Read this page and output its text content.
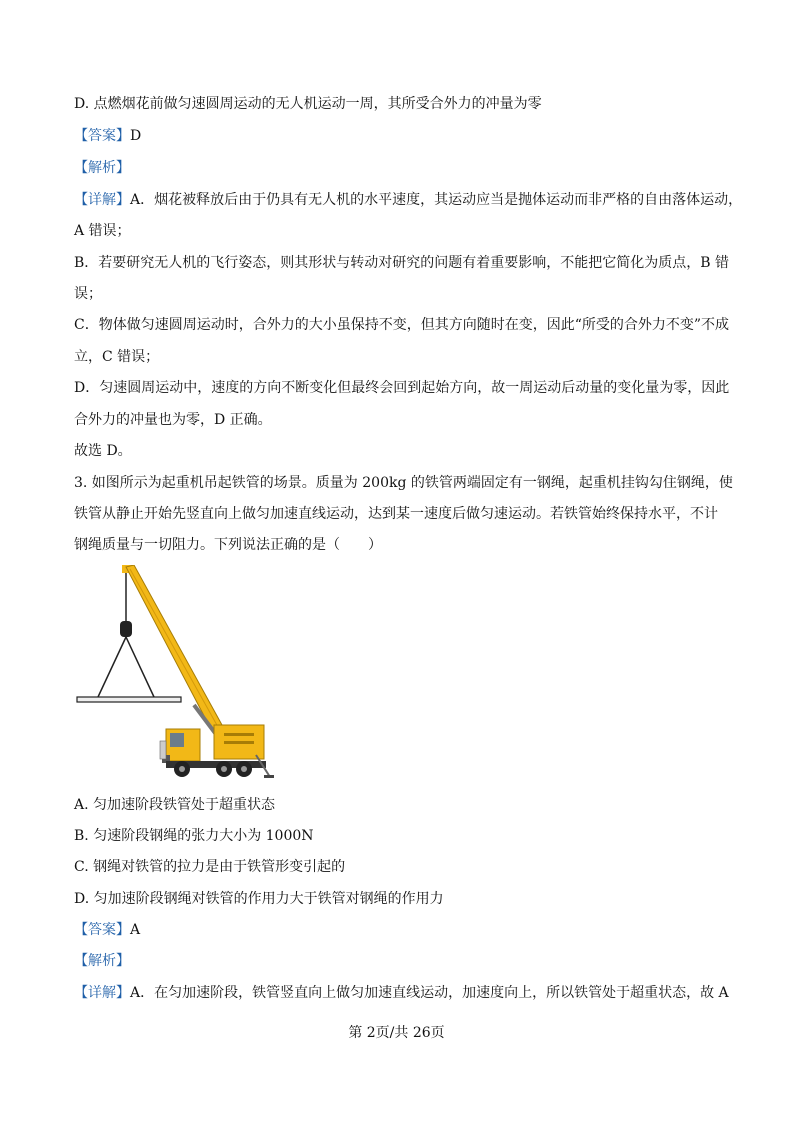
D. 点燃烟花前做匀速圆周运动的无人机运动一周，其所受合外力的冲量为零
【答案】D
【解析】
【详解】A．烟花被释放后由于仍具有无人机的水平速度，其运动应当是抛体运动而非严格的自由落体运动，
A 错误；
B．若要研究无人机的飞行姿态，则其形状与转动对研究的问题有着重要影响，不能把它简化为质点，B 错
误；
C．物体做匀速圆周运动时，合外力的大小虽保持不变，但其方向随时在变，因此“所受的合外力不变”不成
立，C 错误；
D．匀速圆周运动中，速度的方向不断变化但最终会回到起始方向，故一周运动后动量的变化量为零，因此
合外力的冲量也为零，D 正确。
故选 D。
3. 如图所示为起重机吊起铁管的场景。质量为 200kg 的铁管两端固定有一钢绳，起重机挂钩勾住钢绳，使
铁管从静止开始先竖直向上做匀加速直线运动，达到某一速度后做匀速运动。若铁管始终保持水平，不计
钢绳质量与一切阻力。下列说法正确的是（　　）
A. 匀加速阶段铁管处于超重状态
B. 匀速阶段钢绳的张力大小为 1000N
C. 钢绳对铁管的拉力是由于铁管形变引起的
D. 匀加速阶段钢绳对铁管的作用力大于铁管对钢绳的作用力
【答案】A
【解析】
【详解】A．在匀加速阶段，铁管竖直向上做匀加速直线运动，加速度向上，所以铁管处于超重状态，故 A
第 2页/共 26页
